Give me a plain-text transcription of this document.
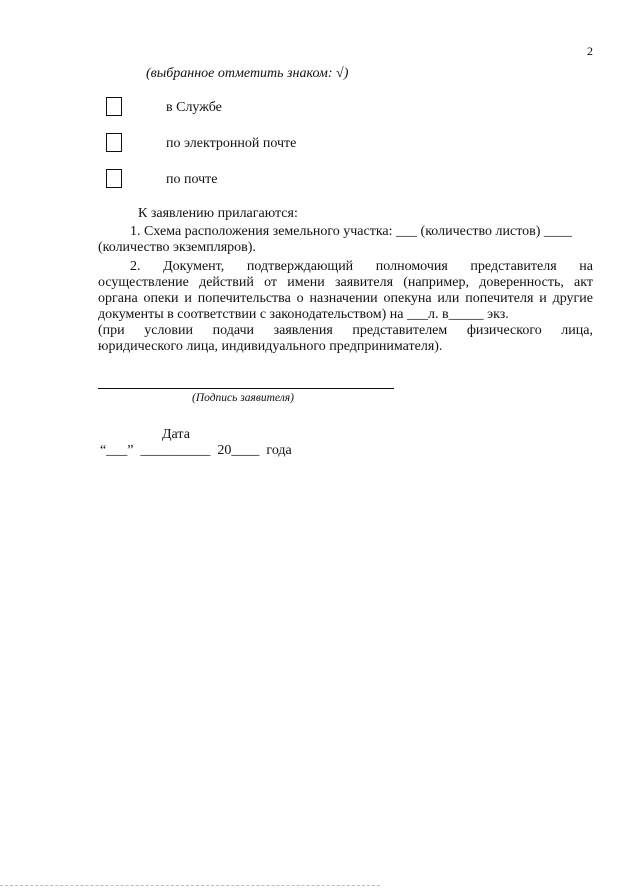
2
(выбранное отметить знаком: √)
в Службе
по электронной почте
по почте
К заявлению прилагаются:
1. Схема расположения земельного участка: ___ (количество листов) ____
(количество экземпляров).
2. Документ, подтверждающий полномочия представителя на
осуществление действий от имени заявителя (например, доверенность, акт
органа опеки и попечительства о назначении опекуна или попечителя и другие
документы в соответствии с законодательством) на ___л. в_____ экз.
(при условии подачи заявления представителем физического лица,
юридического лица, индивидуального предпринимателя).
(Подпись заявителя)
Дата
“___”  __________  20____  года
